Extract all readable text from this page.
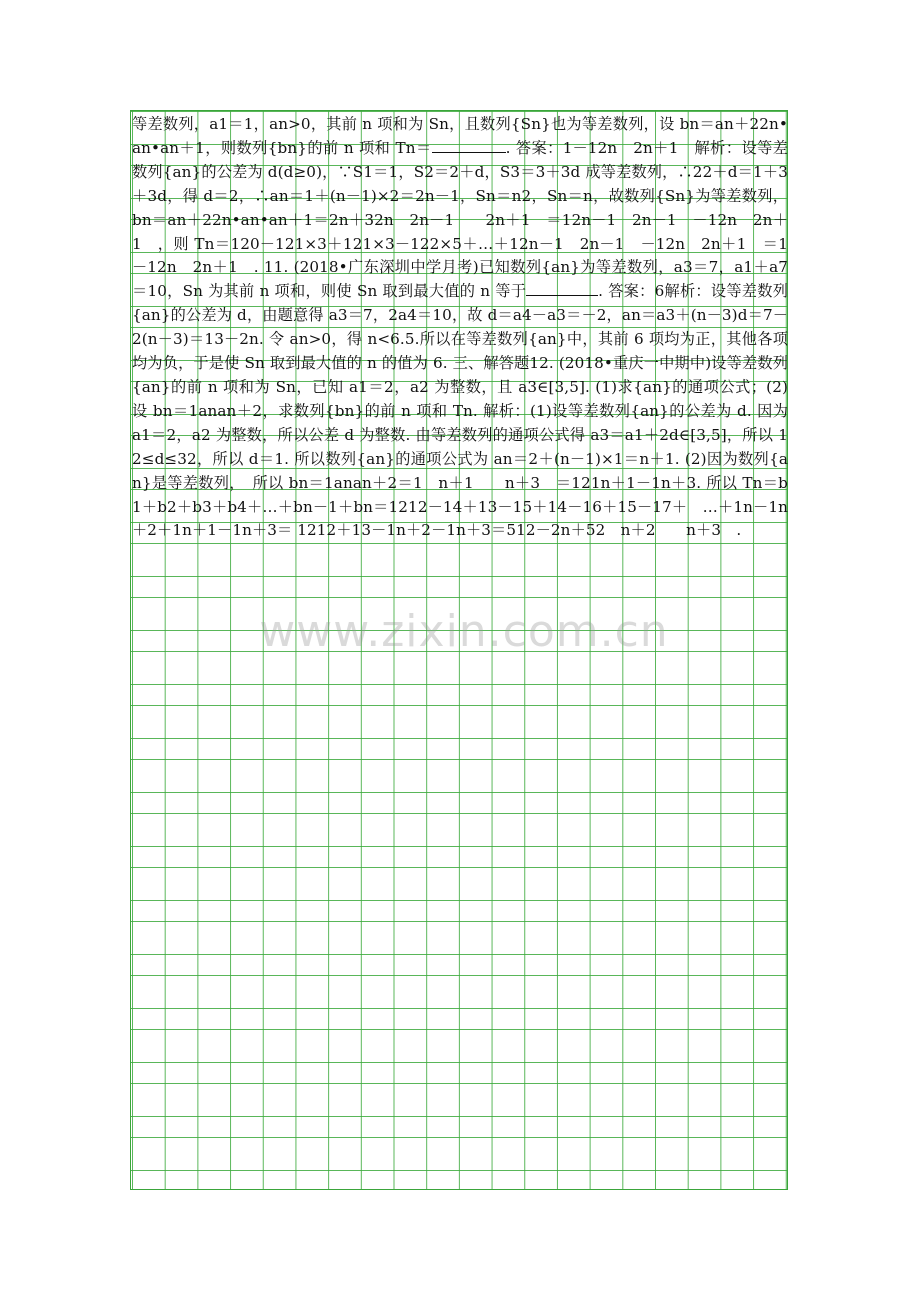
等差数列，a1＝1，an>0，其前 n 项和为 Sn，且数列{Sn}也为等差数列，设 bn＝an＋22n•an•an＋1，则数列{bn}的前 n 项和 Tn＝	. 答案：1－12n　2n＋1　解析：设等差数列{an}的公差为 d(d≥0)，∵S1＝1，S2＝2＋d，S3＝3＋3d 成等差数列，∴22＋d＝1＋3＋3d，得 d＝2，∴an＝1＋(n－1)×2＝2n－1，Sn＝n2，Sn＝n，故数列{Sn}为等差数列，bn＝an＋22n•an•an＋1＝2n＋32n　2n－1　　2n＋1　＝12n－1　2n－1　－12n　2n＋1　，则 Tn＝120－121×3＋121×3－122×5＋…＋12n－1　2n－1　－12n　2n＋1　＝1－12n　2n＋1　. 11. (2018•广东深圳中学月考)已知数列{an}为等差数列，a3＝7，a1＋a7＝10，Sn 为其前 n 项和，则使 Sn 取到最大值的 n 等于	. 答案：6解析：设等差数列{an}的公差为 d，由题意得 a3＝7，2a4＝10，故 d＝a4－a3＝－2，an＝a3＋(n－3)d＝7－2(n－3)＝13－2n. 令 an>0，得 n<6.5.所以在等差数列{an}中，其前 6 项均为正，其他各项均为负，于是使 Sn 取到最大值的 n 的值为 6. 三、解答题12. (2018•重庆一中期中)设等差数列{an}的前 n 项和为 Sn，已知 a1＝2，a2 为整数，且 a3∈[3,5]. (1)求{an}的通项公式；(2)设 bn＝1anan＋2，求数列{bn}的前 n 项和 Tn. 解析：(1)设等差数列{an}的公差为 d. 因为 a1＝2，a2 为整数，所以公差 d 为整数. 由等差数列的通项公式得 a3＝a1＋2d∈[3,5]，所以 12≤d≤32，所以 d＝1. 所以数列{an}的通项公式为 an＝2＋(n－1)×1＝n＋1. (2)因为数列{an}是等差数列，　所以 bn＝1anan＋2＝1　n＋1　　n＋3　＝121n＋1－1n＋3. 所以 Tn＝b1＋b2＋b3＋b4＋…＋bn－1＋bn＝1212－14＋13－15＋14－16＋15－17＋　…＋1n－1n＋2＋1n＋1－1n＋3＝ 1212＋13－1n＋2－1n＋3＝512－2n＋52　n＋2　　n＋3　.
www.zixin.com.cn
